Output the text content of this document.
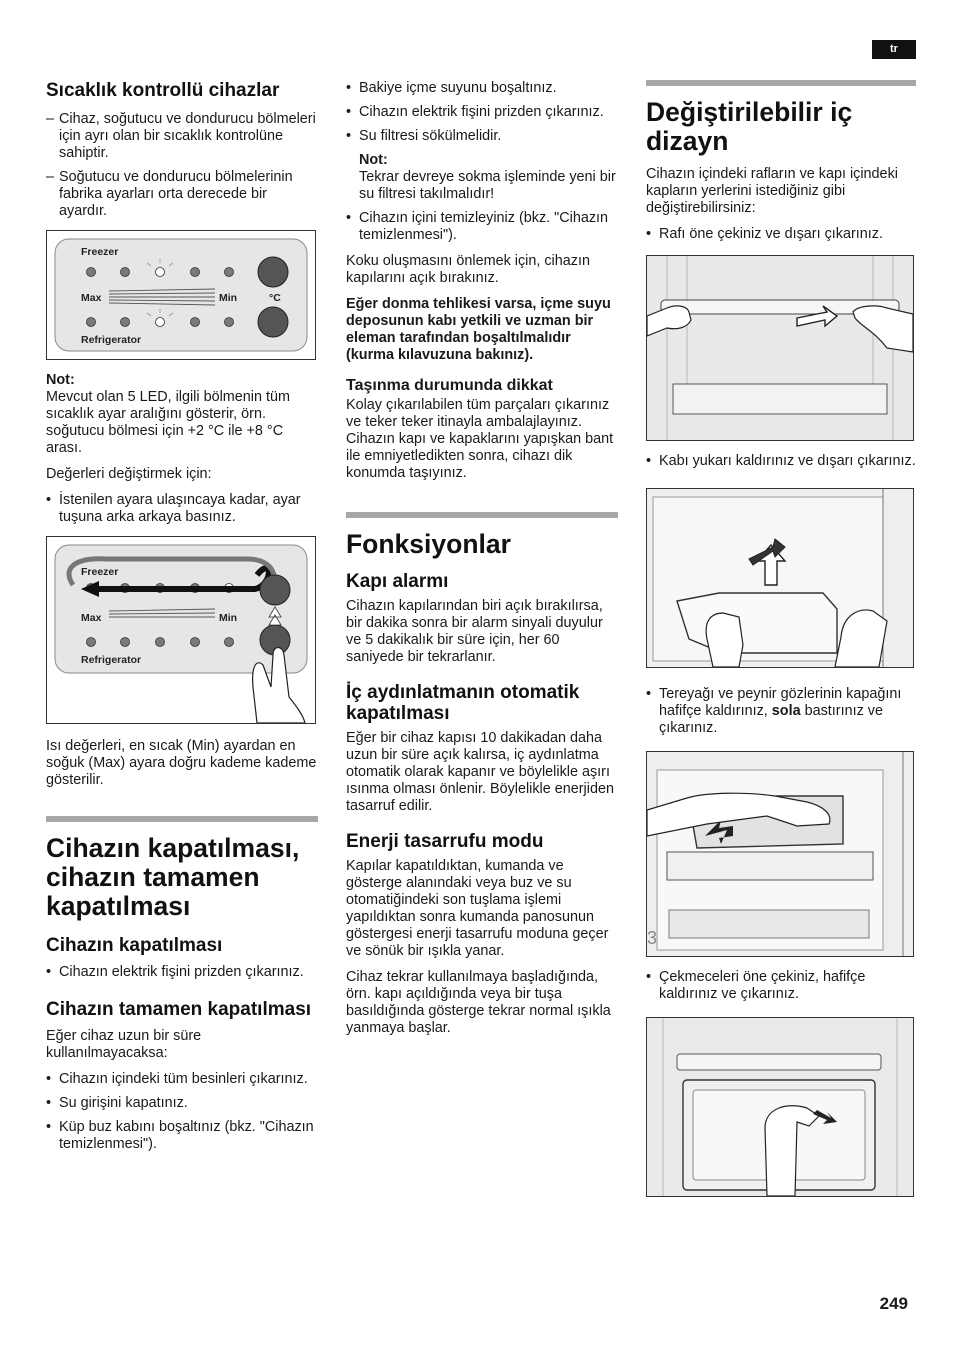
tr
Sıcaklık kontrollü cihazlar
– Cihaz, soğutucu ve dondurucu bölmeleri için ayrı olan bir sıcaklık kontrolüne sahiptir.
– Soğutucu ve dondurucu bölmelerinin fabrika ayarları orta derecede bir ayardır.
Freezer
Max	Min	°C
Refrigerator

Not:

Mevcut olan 5 LED, ilgili bölmenin tüm sıcaklık ayar aralığını gösterir, örn. soğutucu bölmesi için +2 °C ile +8 °C arası.

Değerleri değiştirmek için:

• İstenilen ayara ulaşıncaya kadar, ayar tuşuna arka arkaya basınız.
Freezer
Max	Min
Refrigerator

Isı değerleri, en sıcak (Min) ayardan en soğuk (Max) ayara doğru kademe kademe gösterilir.

Cihazın kapatılması, cihazın tamamen kapatılması
Cihazın kapatılması
• Cihazın elektrik fişini prizden çıkarınız.
Cihazın tamamen kapatılması

Eğer cihaz uzun bir süre kullanılmayacaksa:

• Cihazın içindeki tüm besinleri çıkarınız.
• Su girişini kapatınız.
• Küp buz kabını boşaltınız (bkz. "Cihazın temizlenmesi").
• Bakiye içme suyunu boşaltınız.
• Cihazın elektrik fişini prizden çıkarınız.
• Su filtresi sökülmelidir.

Not:

Tekrar devreye sokma işleminde yeni bir su filtresi takılmalıdır!

• Cihazın içini temizleyiniz (bkz. "Cihazın temizlenmesi").

Koku oluşmasını önlemek için, cihazın kapılarını açık bırakınız.

Eğer donma tehlikesi varsa, içme suyu deposunun kabı yetkili ve uzman bir eleman tarafından boşaltılmalıdır (kurma kılavuzuna bakınız).

Taşınma durumunda dikkat

Kolay çıkarılabilen tüm parçaları çıkarınız ve teker teker itinayla ambalajlayınız. Cihazın kapı ve kapaklarını yapışkan bant ile emniyetledikten sonra, cihazı dik konumda taşıyınız.

Fonksiyonlar
Kapı alarmı

Cihazın kapılarından biri açık bırakılırsa, bir dakika sonra bir alarm sinyali duyulur ve 5 dakikalık bir süre için, her 60 saniyede bir tekrarlanır.

İç aydınlatmanın otomatik kapatılması

Eğer bir cihaz kapısı 10 dakikadan daha uzun bir süre açık kalırsa, iç aydınlatma otomatik olarak kapanır ve böylelikle aşırı ısınma olması önlenir. Böylelikle enerjiden tasarruf edilir.

Enerji tasarrufu modu

Kapılar kapatıldıktan, kumanda ve gösterge alanındaki veya buz ve su otomatiğindeki son tuşlama işlemi yapıldıktan sonra kumanda panosunun göstergesi enerji tasarrufu moduna geçer ve sönük bir ışıkla yanar.

Cihaz tekrar kullanılmaya başladığında, örn. kapı açıldığında veya bir tuşa basıldığında gösterge tekrar normal ışıkla yanmaya başlar.

Değiştirilebilir iç dizayn

Cihazın içindeki rafların ve kapı içindeki kapların yerlerini istediğiniz gibi değiştirebilirsiniz:

• Rafı öne çekiniz ve dışarı çıkarınız.
• Kabı yukarı kaldırınız ve dışarı çıkarınız.
• Tereyağı ve peynir gözlerinin kapağını hafifçe kaldırınız, sola bastırınız ve çıkarınız.
3
• Çekmeceleri öne çekiniz, hafifçe kaldırınız ve çıkarınız.
249
